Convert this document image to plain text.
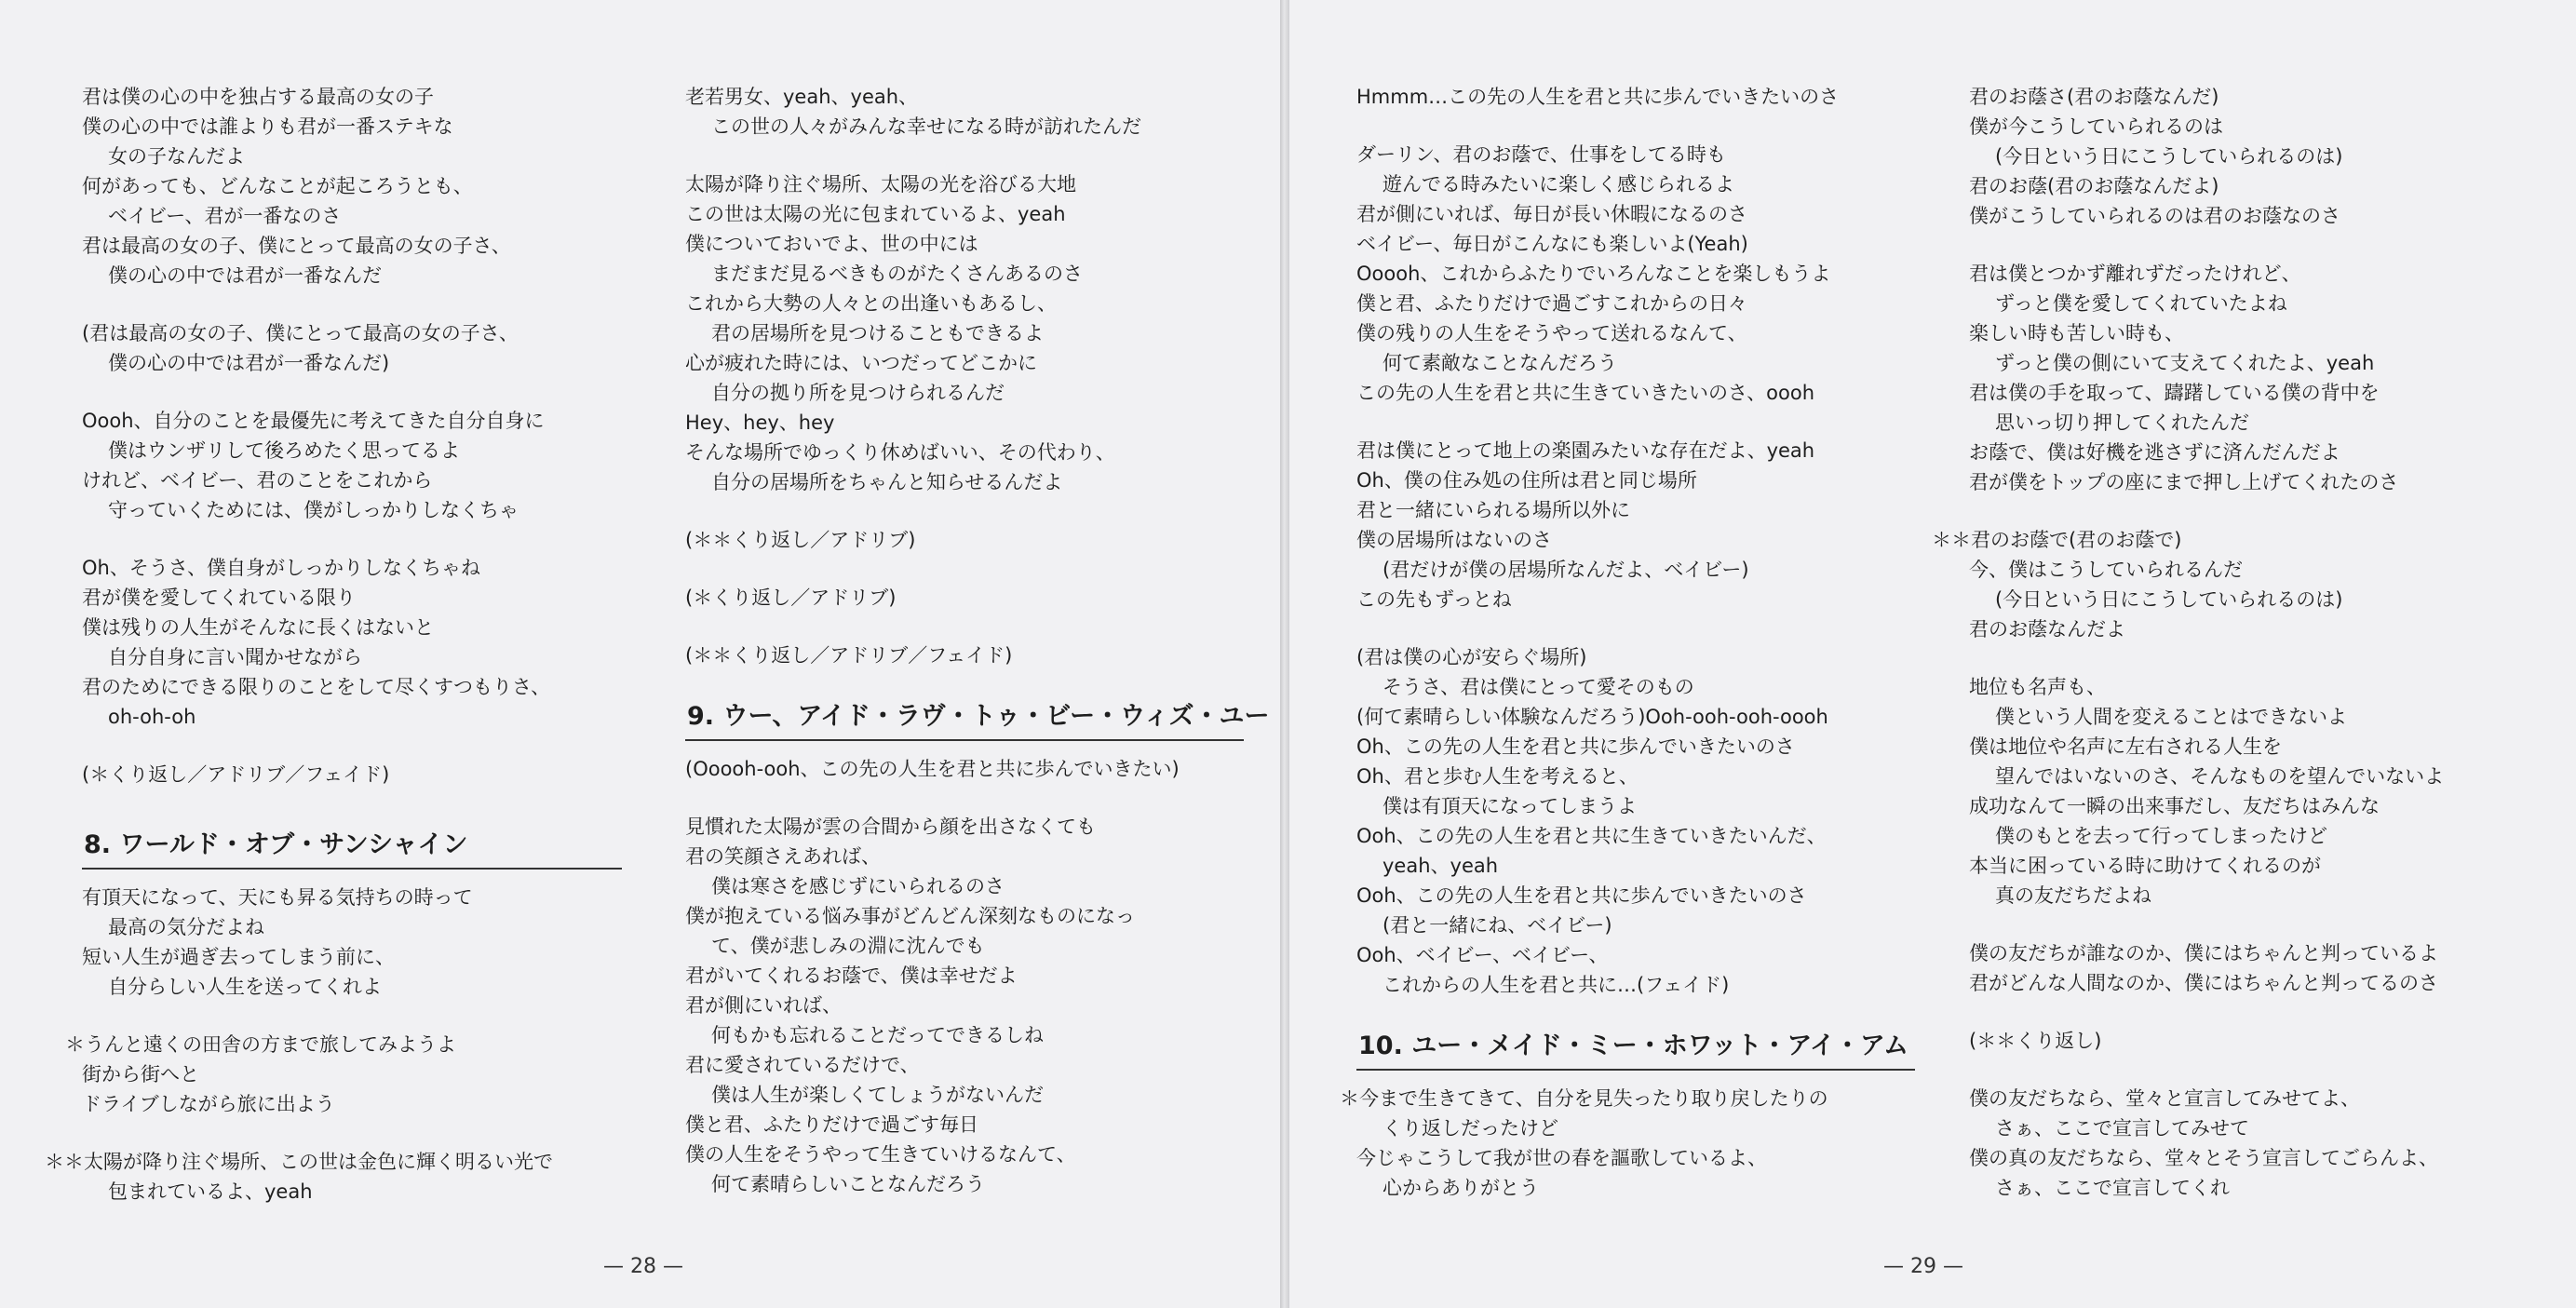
君は僕の心の中を独占する最高の女の子
僕の心の中では誰よりも君が一番ステキな
女の子なんだよ
何があっても、どんなことが起ころうとも、
ベイビー、君が一番なのさ
君は最高の女の子、僕にとって最高の女の子さ、
僕の心の中では君が一番なんだ
(君は最高の女の子、僕にとって最高の女の子さ、
僕の心の中では君が一番なんだ)
Oooh、自分のことを最優先に考えてきた自分自身に
僕はウンザリして後ろめたく思ってるよ
けれど、ベイビー、君のことをこれから
守っていくためには、僕がしっかりしなくちゃ
Oh、そうさ、僕自身がしっかりしなくちゃね
君が僕を愛してくれている限り
僕は残りの人生がそんなに長くはないと
自分自身に言い聞かせながら
君のためにできる限りのことをして尽くすつもりさ、
oh-oh-oh
(＊くり返し／アドリブ／フェイド)
8. ワールド・オブ・サンシャイン
有頂天になって、天にも昇る気持ちの時って
最高の気分だよね
短い人生が過ぎ去ってしまう前に、
自分らしい人生を送ってくれよ
＊うんと遠くの田舎の方まで旅してみようよ
街から街へと
ドライブしながら旅に出よう
＊＊太陽が降り注ぐ場所、この世は金色に輝く明るい光で
包まれているよ、yeah
老若男女、yeah、yeah、
この世の人々がみんな幸せになる時が訪れたんだ
太陽が降り注ぐ場所、太陽の光を浴びる大地
この世は太陽の光に包まれているよ、yeah
僕についておいでよ、世の中には
まだまだ見るべきものがたくさんあるのさ
これから大勢の人々との出逢いもあるし、
君の居場所を見つけることもできるよ
心が疲れた時には、いつだってどこかに
自分の拠り所を見つけられるんだ
Hey、hey、hey
そんな場所でゆっくり休めばいい、その代わり、
自分の居場所をちゃんと知らせるんだよ
(＊＊くり返し／アドリブ)
(＊くり返し／アドリブ)
(＊＊くり返し／アドリブ／フェイド)
9. ウー、アイド・ラヴ・トゥ・ビー・ウィズ・ユー
(Ooooh-ooh、この先の人生を君と共に歩んでいきたい)
見慣れた太陽が雲の合間から顔を出さなくても
君の笑顔さえあれば、
僕は寒さを感じずにいられるのさ
僕が抱えている悩み事がどんどん深刻なものになっ
て、僕が悲しみの淵に沈んでも
君がいてくれるお蔭で、僕は幸せだよ
君が側にいれば、
何もかも忘れることだってできるしね
君に愛されているだけで、
僕は人生が楽しくてしょうがないんだ
僕と君、ふたりだけで過ごす毎日
僕の人生をそうやって生きていけるなんて、
何て素晴らしいことなんだろう
— 28 —
Hmmm…この先の人生を君と共に歩んでいきたいのさ
ダーリン、君のお蔭で、仕事をしてる時も
遊んでる時みたいに楽しく感じられるよ
君が側にいれば、毎日が長い休暇になるのさ
ベイビー、毎日がこんなにも楽しいよ(Yeah)
Ooooh、これからふたりでいろんなことを楽しもうよ
僕と君、ふたりだけで過ごすこれからの日々
僕の残りの人生をそうやって送れるなんて、
何て素敵なことなんだろう
この先の人生を君と共に生きていきたいのさ、oooh
君は僕にとって地上の楽園みたいな存在だよ、yeah
Oh、僕の住み処の住所は君と同じ場所
君と一緒にいられる場所以外に
僕の居場所はないのさ
(君だけが僕の居場所なんだよ、ベイビー)
この先もずっとね
(君は僕の心が安らぐ場所)
そうさ、君は僕にとって愛そのもの
(何て素晴らしい体験なんだろう)Ooh-ooh-ooh-oooh
Oh、この先の人生を君と共に歩んでいきたいのさ
Oh、君と歩む人生を考えると、
僕は有頂天になってしまうよ
Ooh、この先の人生を君と共に生きていきたいんだ、
yeah、yeah
Ooh、この先の人生を君と共に歩んでいきたいのさ
(君と一緒にね、ベイビー)
Ooh、ベイビー、ベイビー、
これからの人生を君と共に…(フェイド)
10. ユー・メイド・ミー・ホワット・アイ・アム
＊今まで生きてきて、自分を見失ったり取り戻したりの
くり返しだったけど
今じゃこうして我が世の春を謳歌しているよ、
心からありがとう
君のお蔭さ(君のお蔭なんだ)
僕が今こうしていられるのは
(今日という日にこうしていられるのは)
君のお蔭(君のお蔭なんだよ)
僕がこうしていられるのは君のお蔭なのさ
君は僕とつかず離れずだったけれど、
ずっと僕を愛してくれていたよね
楽しい時も苦しい時も、
ずっと僕の側にいて支えてくれたよ、yeah
君は僕の手を取って、躊躇している僕の背中を
思いっ切り押してくれたんだ
お蔭で、僕は好機を逃さずに済んだんだよ
君が僕をトップの座にまで押し上げてくれたのさ
＊＊君のお蔭で(君のお蔭で)
今、僕はこうしていられるんだ
(今日という日にこうしていられるのは)
君のお蔭なんだよ
地位も名声も、
僕という人間を変えることはできないよ
僕は地位や名声に左右される人生を
望んではいないのさ、そんなものを望んでいないよ
成功なんて一瞬の出来事だし、友だちはみんな
僕のもとを去って行ってしまったけど
本当に困っている時に助けてくれるのが
真の友だちだよね
僕の友だちが誰なのか、僕にはちゃんと判っているよ
君がどんな人間なのか、僕にはちゃんと判ってるのさ
(＊＊くり返し)
僕の友だちなら、堂々と宣言してみせてよ、
さぁ、ここで宣言してみせて
僕の真の友だちなら、堂々とそう宣言してごらんよ、
さぁ、ここで宣言してくれ
— 29 —
